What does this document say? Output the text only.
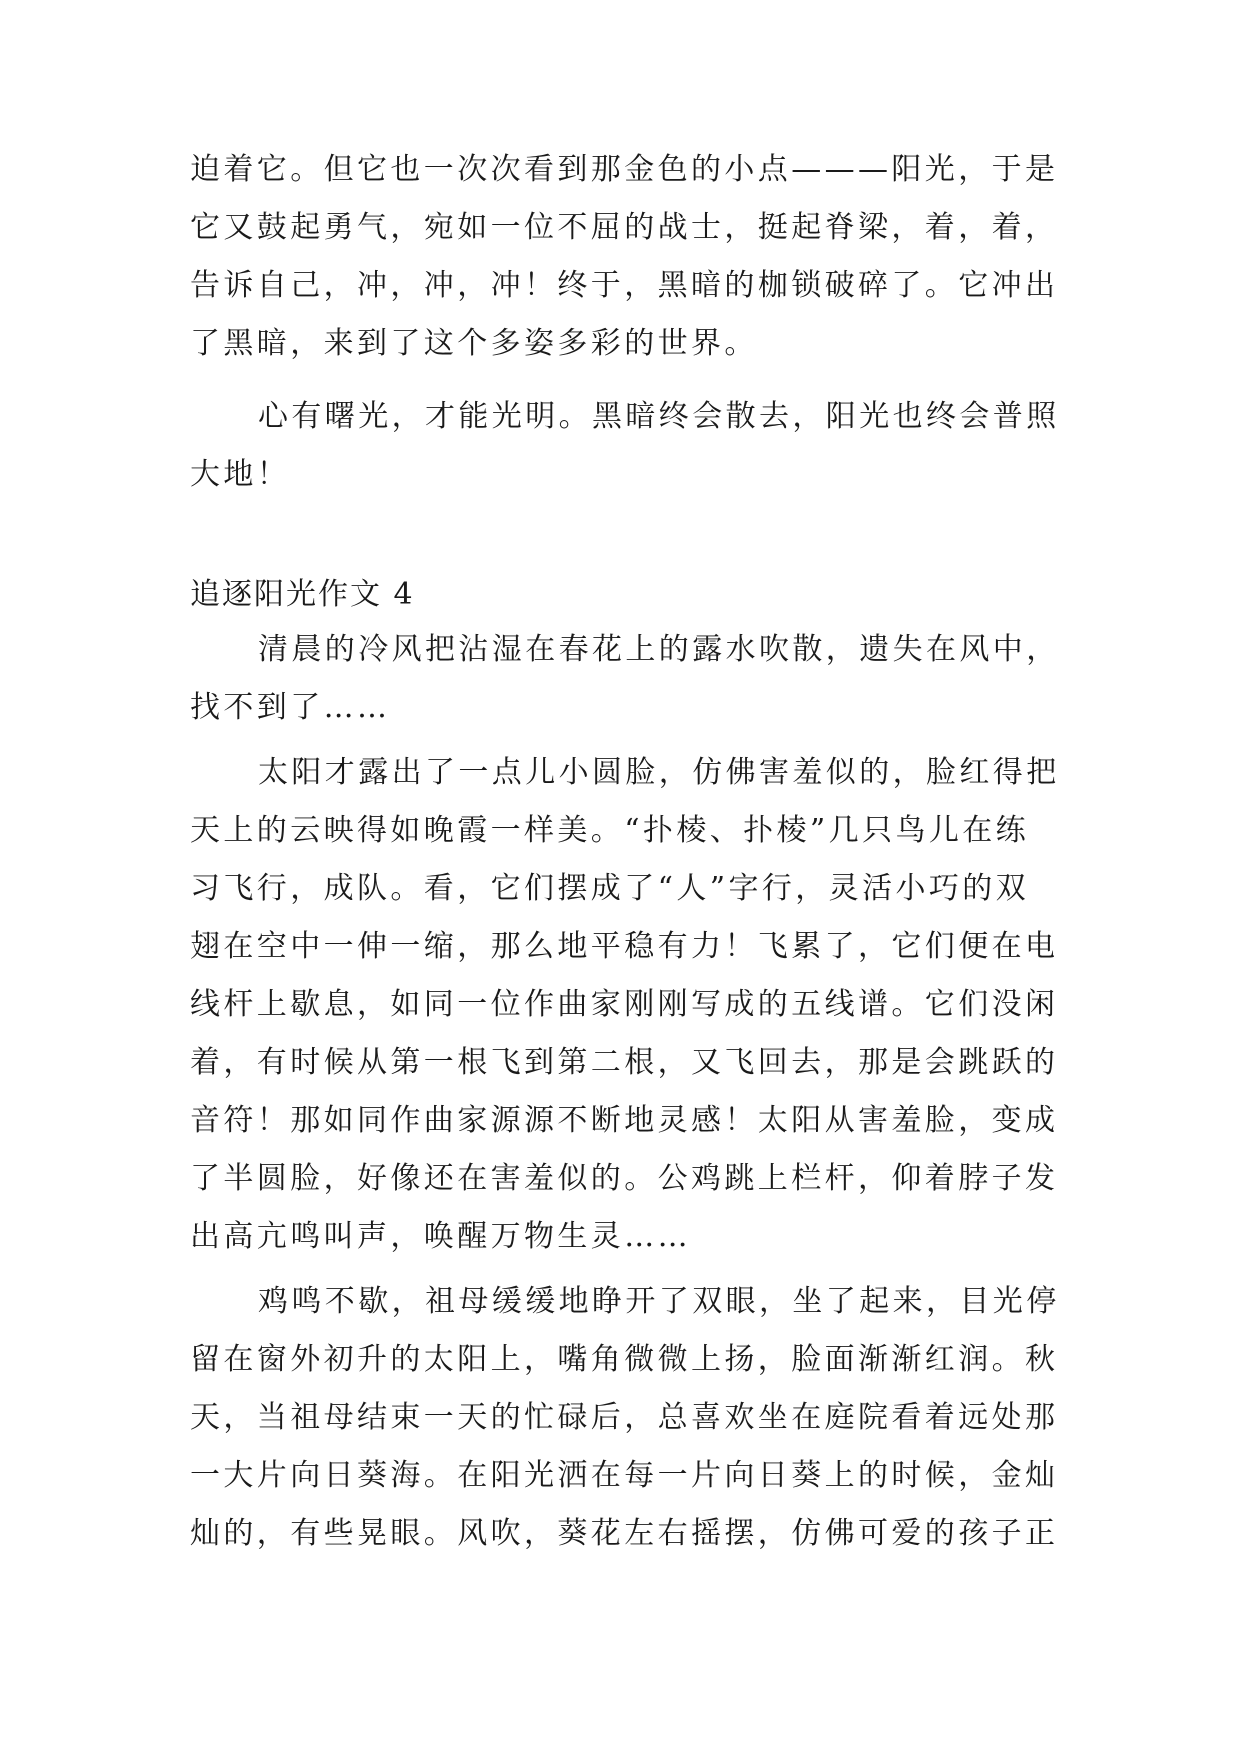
迫着它。但它也一次次看到那金色的小点———阳光，于是
它又鼓起勇气，宛如一位不屈的战士，挺起脊梁，着，着，
告诉自己，冲，冲，冲！终于，黑暗的枷锁破碎了。它冲出
了黑暗，来到了这个多姿多彩的世界。
心有曙光，才能光明。黑暗终会散去，阳光也终会普照
大地！
追逐阳光作文 4
清晨的冷风把沾湿在春花上的露水吹散，遗失在风中，
找不到了……
太阳才露出了一点儿小圆脸，仿佛害羞似的，脸红得把
天上的云映得如晚霞一样美。“扑棱、扑棱”几只鸟儿在练
习飞行，成队。看，它们摆成了“人”字行，灵活小巧的双
翅在空中一伸一缩，那么地平稳有力！飞累了，它们便在电
线杆上歇息，如同一位作曲家刚刚写成的五线谱。它们没闲
着，有时候从第一根飞到第二根，又飞回去，那是会跳跃的
音符！那如同作曲家源源不断地灵感！太阳从害羞脸，变成
了半圆脸，好像还在害羞似的。公鸡跳上栏杆，仰着脖子发
出高亢鸣叫声，唤醒万物生灵……
鸡鸣不歇，祖母缓缓地睁开了双眼，坐了起来，目光停
留在窗外初升的太阳上，嘴角微微上扬，脸面渐渐红润。秋
天，当祖母结束一天的忙碌后，总喜欢坐在庭院看着远处那
一大片向日葵海。在阳光洒在每一片向日葵上的时候，金灿
灿的，有些晃眼。风吹，葵花左右摇摆，仿佛可爱的孩子正
